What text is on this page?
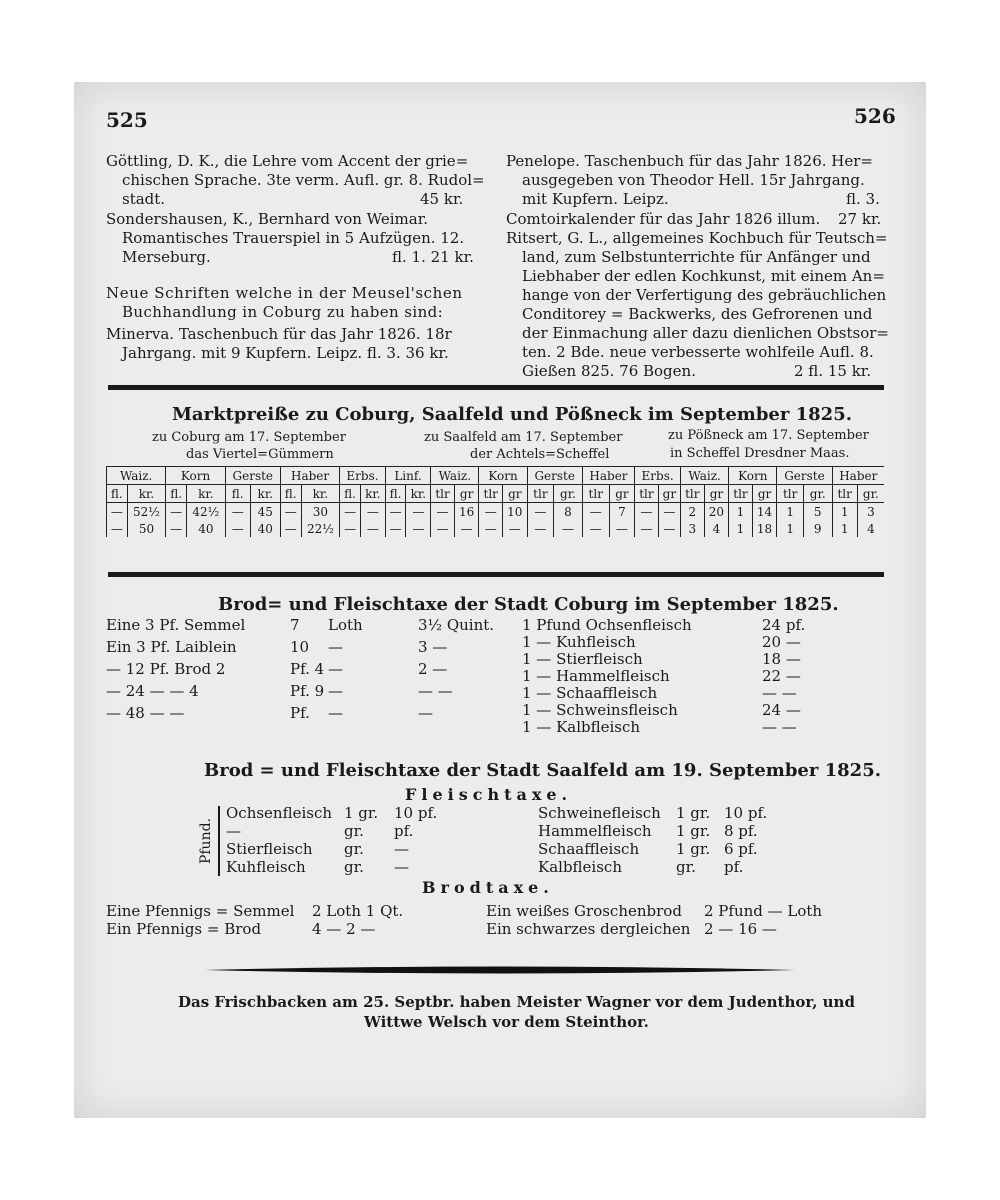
525	526
Göttling, D. K., die Lehre vom Accent der grie=
chischen Sprache. 3te verm. Aufl. gr. 8. Rudol=
stadt.	45 kr.
Sondershausen, K., Bernhard von Weimar.
Romantisches Trauerspiel in 5 Aufzügen. 12.
Merseburg.	fl. 1. 21 kr.
Neue Schriften welche in der Meusel'schen
Buchhandlung in Coburg zu haben sind:
Minerva. Taschenbuch für das Jahr 1826. 18r
Jahrgang. mit 9 Kupfern. Leipz. fl. 3. 36 kr.
Penelope. Taschenbuch für das Jahr 1826. Her=
ausgegeben von Theodor Hell. 15r Jahrgang.
mit Kupfern. Leipz.	fl. 3.
Comtoirkalender für das Jahr 1826 illum. 27 kr.
Ritsert, G. L., allgemeines Kochbuch für Teutsch=
land, zum Selbstunterrichte für Anfänger und
Liebhaber der edlen Kochkunst, mit einem An=
hange von der Verfertigung des gebräuchlichen
Conditorey = Backwerks, des Gefrorenen und
der Einmachung aller dazu dienlichen Obstsor=
ten. 2 Bde. neue verbesserte wohlfeile Aufl. 8.
Gießen 825. 76 Bogen.	2 fl. 15 kr.
Marktpreiße zu Coburg, Saalfeld und Pößneck im September 1825.
zu Coburg am 17. September
das Viertel=Gümmern
zu Saalfeld am 17. September
der Achtels=Scheffel
zu Pößneck am 17. September
in Scheffel Dresdner Maas.
Waiz.		Korn		Gerste		Haber		Erbs.		Linf.		Waiz.		Korn		Gerste		Haber		Erbs.		Waiz.		Korn		Gerste		Haber	
fl.	kr.	fl.	kr.	fl.	kr.	fl.	kr.	fl.	kr.	fl.	kr.	tlr	gr	tlr	gr	tlr	gr.	tlr	gr	tlr	gr	tlr	gr	tlr	gr	tlr	gr.	tlr	gr.
—	52½	—	42½	—	45	—	30	—	—	—	—	—	16	—	10	—	8	—	7	—	—	2	20	1	14	1	5	1	3
—	50	—	40	—	40	—	22½	—	—	—	—	—	—	—	—	—	—	—	—	—	—	3	4	1	18	1	9	1	4
Brod= und Fleischtaxe der Stadt Coburg im September 1825.
Eine 3 Pf. Semmel	7 Loth	3½ Quint.
Ein 3 Pf. Laiblein	10 —	3 —
— 12 Pf. Brod 2	Pf. 4 —	2 —
— 24 — — 4	Pf. 9 —	— —
— 48 — —	Pf. —	—
1 Pfund Ochsenfleisch	24 pf.
1 — Kuhfleisch	20 —
1 — Stierfleisch	18 —
1 — Hammelfleisch	22 —
1 — Schaaffleisch	— —
1 — Schweinsfleisch	24 —
1 — Kalbfleisch	— —
Brod = und Fleischtaxe der Stadt Saalfeld am 19. September 1825.
Fleischtaxe.
Pfund.
Ochsenfleisch 1 gr. 10 pf.
—	gr. pf.
Stierfleisch gr. —
Kuhfleisch	gr. —
Schweinefleisch 1 gr. 10 pf.
Hammelfleisch 1 gr. 8 pf.
Schaaffleisch 1 gr. 6 pf.
Kalbfleisch	gr. pf.
Brodtaxe.
Eine Pfennigs = Semmel 2 Loth 1 Qt.	Ein weißes Groschenbrod 2 Pfund — Loth
Ein Pfennigs = Brod	4 — 2 —	Ein schwarzes dergleichen 2 — 16 —
Das Frischbacken am 25. Septbr. haben Meister Wagner vor dem Judenthor, und
Wittwe Welsch vor dem Steinthor.
